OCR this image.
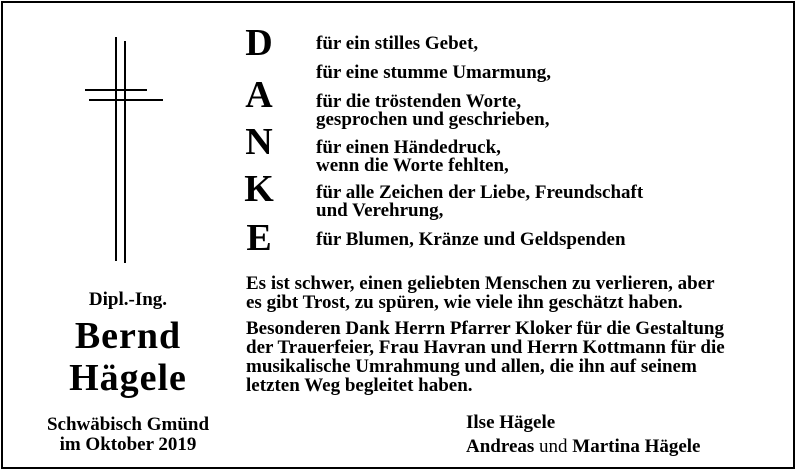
Dipl.-Ing.
Bernd
Hägele
Schwäbisch Gmünd
im Oktober 2019
D	für ein stilles Gebet,
für eine stumme Umarmung,
A	für die tröstenden Worte,
gesprochen und geschrieben,
N	für einen Händedruck,
wenn die Worte fehlten,
K für alle Zeichen der Liebe, Freundschaft
und Verehrung,
E	für Blumen, Kränze und Geldspenden
Es ist schwer, einen geliebten Menschen zu verlieren, aber
es gibt Trost, zu spüren, wie viele ihn geschätzt haben.
Besonderen Dank Herrn Pfarrer Kloker für die Gestaltung
der Trauerfeier, Frau Havran und Herrn Kottmann für die
musikalische Umrahmung und allen, die ihn auf seinem
letzten Weg begleitet haben.
Ilse Hägele
Andreas und Martina Hägele
